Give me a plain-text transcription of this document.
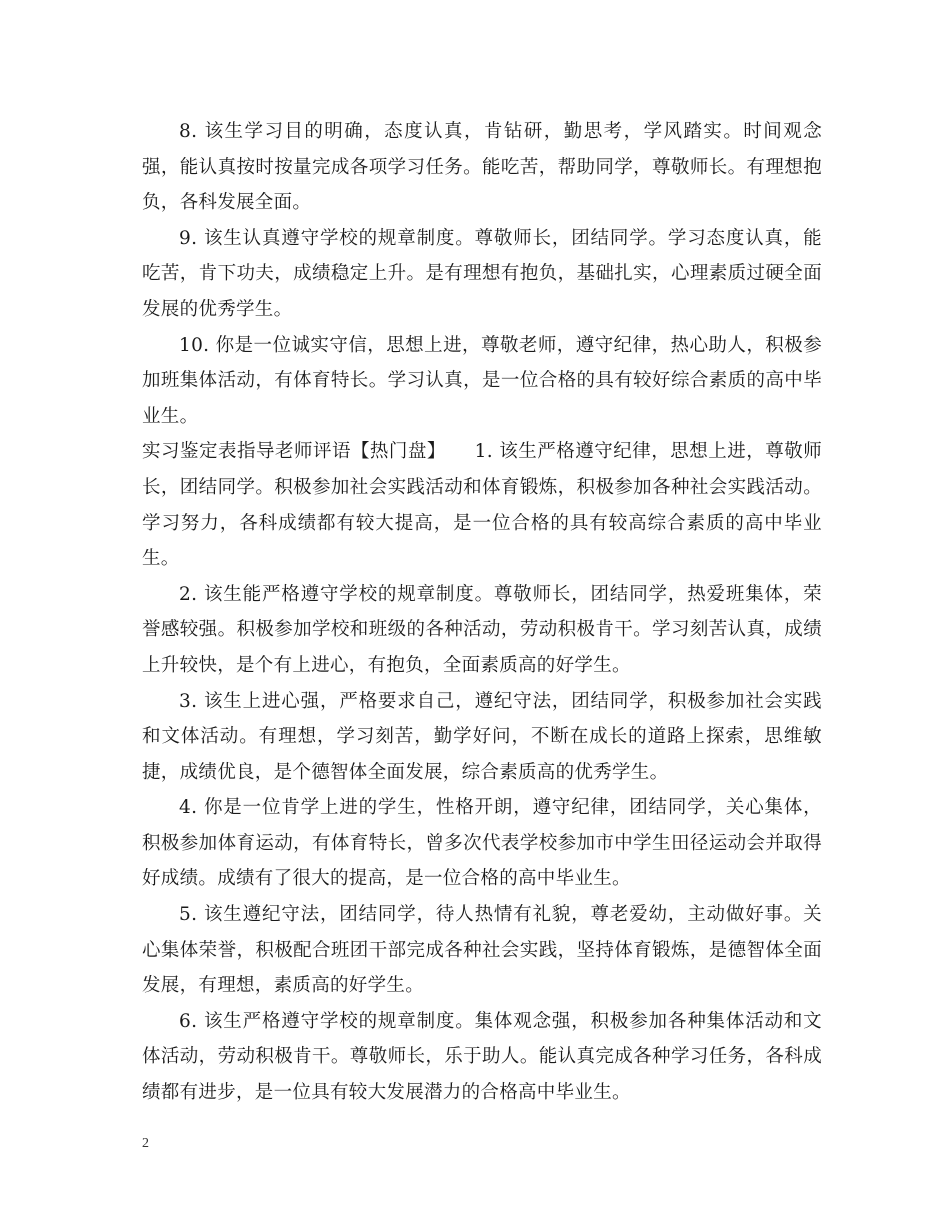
8. 该生学习目的明确，态度认真，肯钻研，勤思考，学风踏实。时间观念强，能认真按时按量完成各项学习任务。能吃苦，帮助同学，尊敬师长。有理想抱负，各科发展全面。

9. 该生认真遵守学校的规章制度。尊敬师长，团结同学。学习态度认真，能吃苦，肯下功夫，成绩稳定上升。是有理想有抱负，基础扎实，心理素质过硬全面发展的优秀学生。

10. 你是一位诚实守信，思想上进，尊敬老师，遵守纪律，热心助人，积极参加班集体活动，有体育特长。学习认真，是一位合格的具有较好综合素质的高中毕业生。

实习鉴定表指导老师评语【热门盘】　　1. 该生严格遵守纪律，思想上进，尊敬师长，团结同学。积极参加社会实践活动和体育锻炼，积极参加各种社会实践活动。学习努力，各科成绩都有较大提高，是一位合格的具有较高综合素质的高中毕业生。

2. 该生能严格遵守学校的规章制度。尊敬师长，团结同学，热爱班集体，荣誉感较强。积极参加学校和班级的各种活动，劳动积极肯干。学习刻苦认真，成绩上升较快，是个有上进心，有抱负，全面素质高的好学生。

3. 该生上进心强，严格要求自己，遵纪守法，团结同学，积极参加社会实践和文体活动。有理想，学习刻苦，勤学好问，不断在成长的道路上探索，思维敏捷，成绩优良，是个德智体全面发展，综合素质高的优秀学生。

4. 你是一位肯学上进的学生，性格开朗，遵守纪律，团结同学，关心集体，积极参加体育运动，有体育特长，曾多次代表学校参加市中学生田径运动会并取得好成绩。成绩有了很大的提高，是一位合格的高中毕业生。

5. 该生遵纪守法，团结同学，待人热情有礼貌，尊老爱幼，主动做好事。关心集体荣誉，积极配合班团干部完成各种社会实践，坚持体育锻炼，是德智体全面发展，有理想，素质高的好学生。

6. 该生严格遵守学校的规章制度。集体观念强，积极参加各种集体活动和文体活动，劳动积极肯干。尊敬师长，乐于助人。能认真完成各种学习任务，各科成绩都有进步，是一位具有较大发展潜力的合格高中毕业生。

2
